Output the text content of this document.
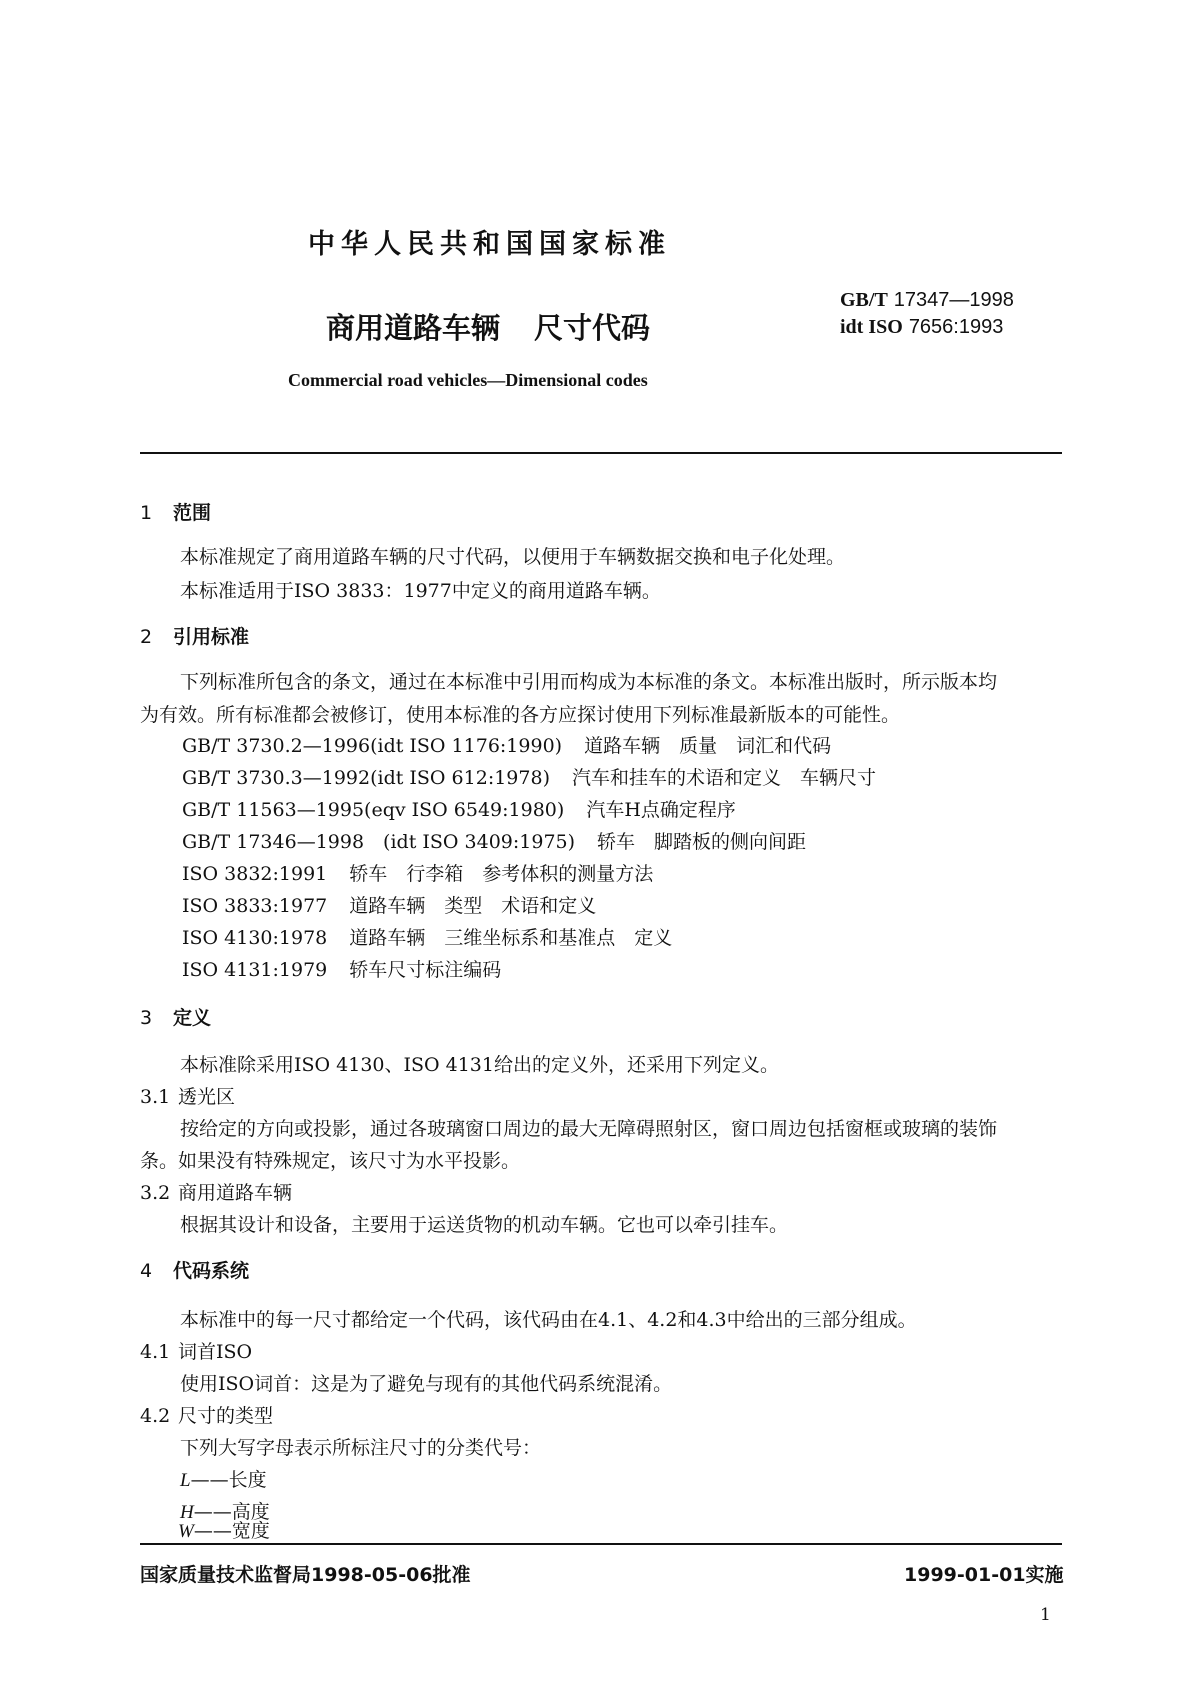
中华人民共和国国家标准
商用道路车辆 尺寸代码
GB/T 17347—1998
idt ISO 7656:1993
Commercial road vehicles—Dimensional codes
1 范围
本标准规定了商用道路车辆的尺寸代码，以便用于车辆数据交换和电子化处理。
本标准适用于ISO 3833：1977中定义的商用道路车辆。
2 引用标准
下列标准所包含的条文，通过在本标准中引用而构成为本标准的条文。本标准出版时，所示版本均
为有效。所有标准都会被修订，使用本标准的各方应探讨使用下列标准最新版本的可能性。
GB/T 3730.2—1996(idt ISO 1176:1990) 道路车辆　质量　词汇和代码
GB/T 3730.3—1992(idt ISO 612:1978) 汽车和挂车的术语和定义　车辆尺寸
GB/T 11563—1995(eqv ISO 6549:1980) 汽车H点确定程序
GB/T 17346—1998　(idt ISO 3409:1975) 轿车　脚踏板的侧向间距
ISO 3832:1991 轿车　行李箱　参考体积的测量方法
ISO 3833:1977 道路车辆　类型　术语和定义
ISO 4130:1978 道路车辆　三维坐标系和基准点　定义
ISO 4131:1979 轿车尺寸标注编码
3 定义
本标准除采用ISO 4130、ISO 4131给出的定义外，还采用下列定义。
3.1 透光区
按给定的方向或投影，通过各玻璃窗口周边的最大无障碍照射区，窗口周边包括窗框或玻璃的装饰
条。如果没有特殊规定，该尺寸为水平投影。
3.2 商用道路车辆
根据其设计和设备，主要用于运送货物的机动车辆。它也可以牵引挂车。
4 代码系统
本标准中的每一尺寸都给定一个代码，该代码由在4.1、4.2和4.3中给出的三部分组成。
4.1 词首ISO
使用ISO词首：这是为了避免与现有的其他代码系统混淆。
4.2 尺寸的类型
下列大写字母表示所标注尺寸的分类代号：
L——长度
H——高度
W——宽度
国家质量技术监督局1998-05-06批准	1999-01-01实施
1
